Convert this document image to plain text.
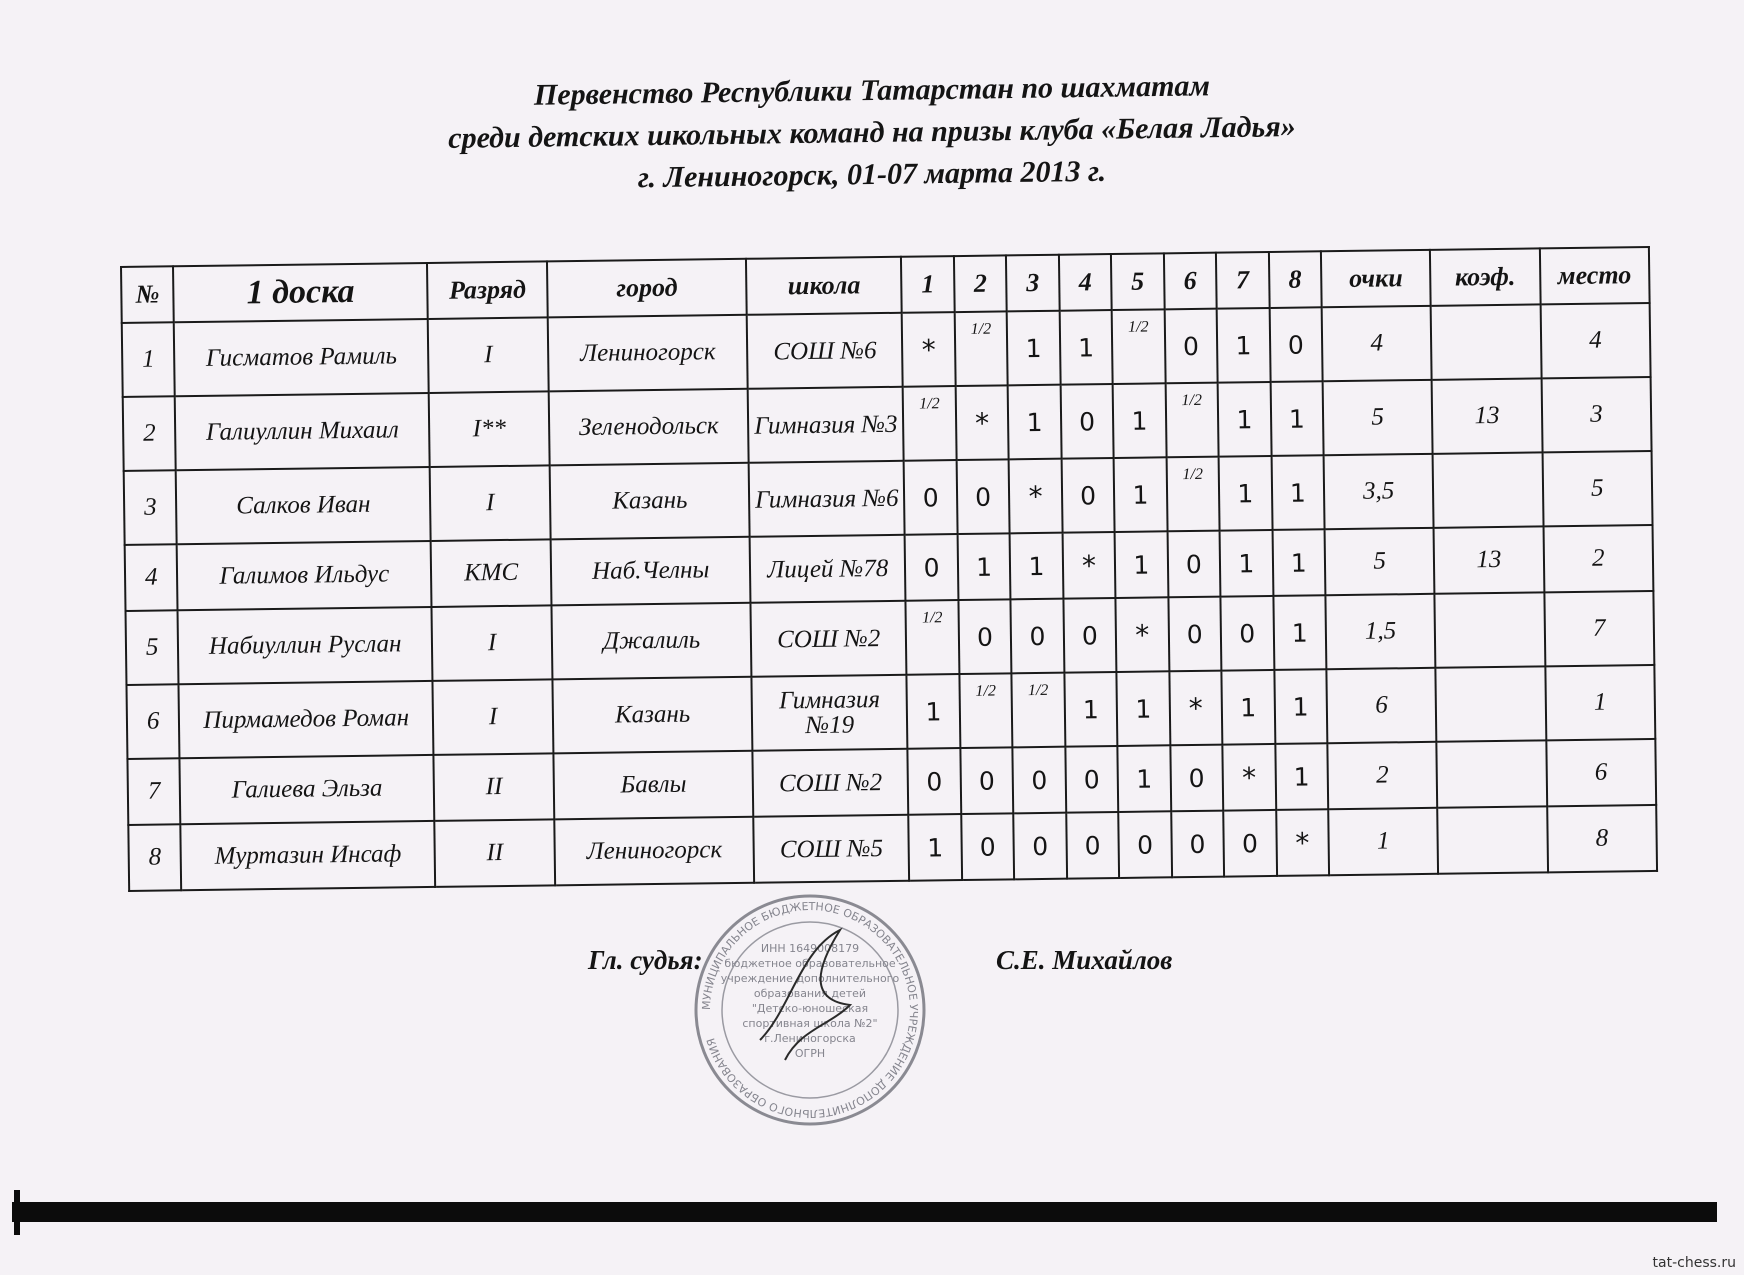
Первенство Республики Татарстан по шахматам
среди детских школьных команд на призы клуба «Белая Ладья»
г. Лениногорск, 01-07 марта 2013 г.
№	1 доска	Разряд	город	школа	1	2	3	4	5	6	7	8	очки	коэф.	место
1	Гисматов Рамиль	I	Лениногорск	СОШ №6	*	1/2	1	1	1/2	0	1	0	4		4
2	Галиуллин Михаил	I**	Зеленодольск	Гимназия №3	1/2	*	1	0	1	1/2	1	1	5	13	3
3	Салков Иван	I	Казань	Гимназия №6	0	0	*	0	1	1/2	1	1	3,5		5
4	Галимов Ильдус	КМС	Наб.Челны	Лицей №78	0	1	1	*	1	0	1	1	5	13	2
5	Набиуллин Руслан	I	Джалиль	СОШ №2	1/2	0	0	0	*	0	0	1	1,5		7
6	Пирмамедов Роман	I	Казань	Гимназия №19	1	1/2	1/2	1	1	*	1	1	6		1
7	Галиева Эльза	II	Бавлы	СОШ №2	0	0	0	0	1	0	*	1	2		6
8	Муртазин Инсаф	II	Лениногорск	СОШ №5	1	0	0	0	0	0	0	*	1		8
Гл. судья:	С.Е. Михайлов
МУНИЦИПАЛЬНОЕ БЮДЖЕТНОЕ ОБРАЗОВАТЕЛЬНОЕ УЧРЕЖДЕНИЕ ДОПОЛНИТЕЛЬНОГО ОБРАЗОВАНИЯ
ИНН 1649008179 бюджетное образовательное учреждение дополнительного образования детей "Детско-юношеская спортивная школа №2" г.Лениногорска ОГРН
tat-chess.ru
